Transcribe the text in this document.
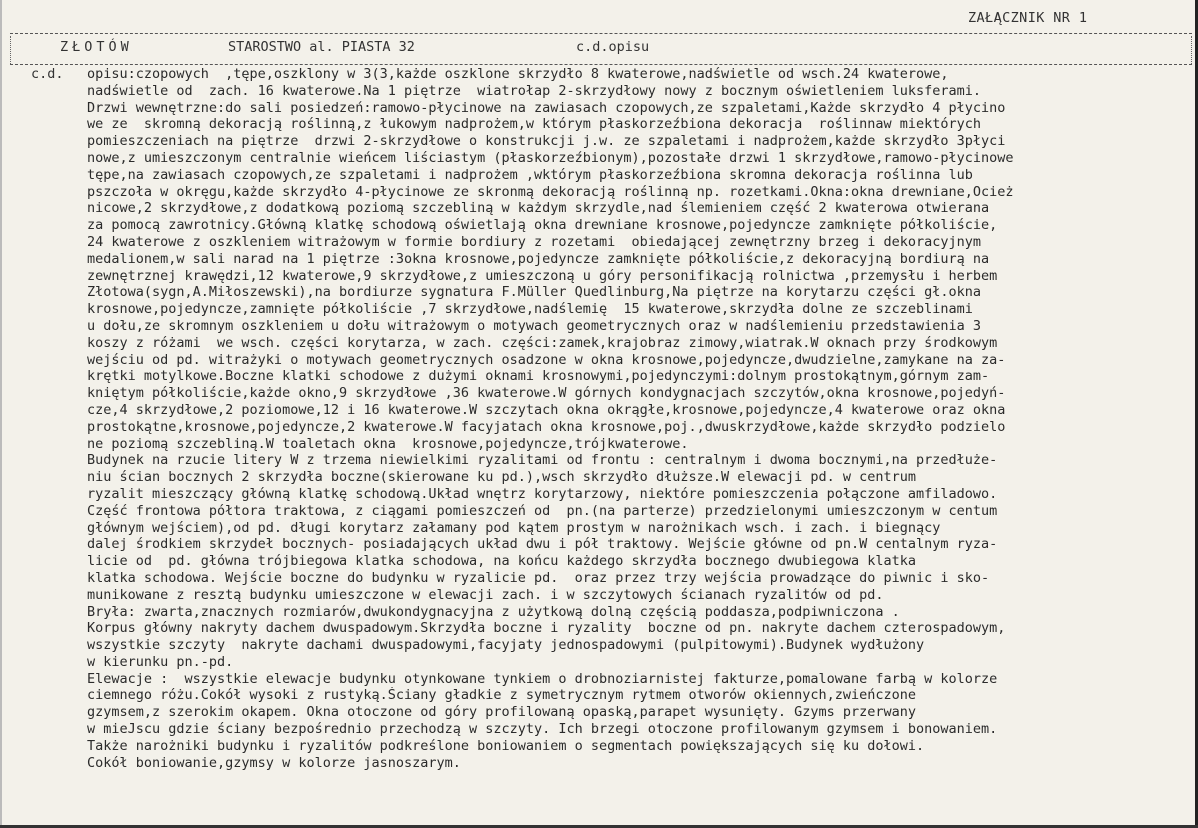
ZAŁĄCZNIK NR 1
ZŁOTÓW	STAROSTWO al. PIASTA 32	c.d.opisu
c.d. opisu:czopowych  ,tępe,oszklony w 3(3,każde oszklone skrzydło 8 kwaterowe,nadświetle od wsch.24 kwaterowe,
nadświetle od  zach. 16 kwaterowe.Na 1 piętrze  wiatrołap 2-skrzydłowy nowy z bocznym oświetleniem luksferami.
Drzwi wewnętrzne:do sali posiedzeń:ramowo-płycinowe na zawiasach czopowych,ze szpaletami,Każde skrzydło 4 płycino
we ze  skromną dekoracją roślinną,z łukowym nadprożem,w którym płaskorzeźbiona dekoracja  roślinnaw miektórych
pomieszczeniach na piętrze  drzwi 2-skrzydłowe o konstrukcji j.w. ze szpaletami i nadprożem,każde skrzydło 3płyci
nowe,z umieszczonym centralnie wieńcem liściastym (płaskorzeźbionym),pozostałe drzwi 1 skrzydłowe,ramowo-płycinowe
tępe,na zawiasach czopowych,ze szpaletami i nadprożem ,wktórym płaskorzeźbiona skromna dekoracja roślinna lub
pszczoła w okręgu,każde skrzydło 4-płycinowe ze skronmą dekoracją roślinną np. rozetkami.Okna:okna drewniane,Ocież
nicowe,2 skrzydłowe,z dodatkową poziomą szczebliną w każdym skrzydle,nad ślemieniem część 2 kwaterowa otwierana
za pomocą zawrotnicy.Główną klatkę schodową oświetlają okna drewniane krosnowe,pojedyncze zamknięte półkoliście,
24 kwaterowe z oszkleniem witrażowym w formie bordiury z rozetami  obiedającej zewnętrzny brzeg i dekoracyjnym
medalionem,w sali narad na 1 piętrze :3okna krosnowe,pojedyncze zamknięte półkoliście,z dekoracyjną bordiurą na
zewnętrznej krawędzi,12 kwaterowe,9 skrzydłowe,z umieszczoną u góry personifikacją rolnictwa ,przemysłu i herbem
Złotowa(sygn,A.Miłoszewski),na bordiurze sygnatura F.Müller Quedlinburg,Na piętrze na korytarzu części gł.okna
krosnowe,pojedyncze,zamnięte półkoliście ,7 skrzydłowe,nadślemię  15 kwaterowe,skrzydła dolne ze szczeblinami
u dołu,ze skromnym oszkleniem u dołu witrażowym o motywach geometrycznych oraz w nadślemieniu przedstawienia 3
koszy z różami  we wsch. części korytarza, w zach. części:zamek,krajobraz zimowy,wiatrak.W oknach przy środkowym
wejściu od pd. witrażyki o motywach geometrycznych osadzone w okna krosnowe,pojedyncze,dwudzielne,zamykane na za-
krętki motylkowe.Boczne klatki schodowe z dużymi oknami krosnowymi,pojedynczymi:dolnym prostokątnym,górnym zam-
kniętym półkoliście,każde okno,9 skrzydłowe ,36 kwaterowe.W górnych kondygnacjach szczytów,okna krosnowe,pojedyń-
cze,4 skrzydłowe,2 poziomowe,12 i 16 kwaterowe.W szczytach okna okrągłe,krosnowe,pojedyncze,4 kwaterowe oraz okna
prostokątne,krosnowe,pojedyncze,2 kwaterowe.W facyjatach okna krosnowe,poj.,dwuskrzydłowe,każde skrzydło podzielo
ne poziomą szczebliną.W toaletach okna  krosnowe,pojedyncze,trójkwaterowe.
Budynek na rzucie litery W z trzema niewielkimi ryzalitami od frontu : centralnym i dwoma bocznymi,na przedłuże-
niu ścian bocznych 2 skrzydła boczne(skierowane ku pd.),wsch skrzydło dłuższe.W elewacji pd. w centrum
ryzalit mieszczący główną klatkę schodową.Układ wnętrz korytarzowy, niektóre pomieszczenia połączone amfiladowo.
Część frontowa półtora traktowa, z ciągami pomieszczeń od  pn.(na parterze) przedzielonymi umieszczonym w centum
głównym wejściem),od pd. długi korytarz załamany pod kątem prostym w narożnikach wsch. i zach. i biegnący
dalej środkiem skrzydeł bocznych- posiadających układ dwu i pół traktowy. Wejście główne od pn.W centalnym ryza-
licie od  pd. główna trójbiegowa klatka schodowa, na końcu każdego skrzydła bocznego dwubiegowa klatka
klatka schodowa. Wejście boczne do budynku w ryzalicie pd.  oraz przez trzy wejścia prowadzące do piwnic i sko-
munikowane z resztą budynku umieszczone w elewacji zach. i w szczytowych ścianach ryzalitów od pd.
Bryła: zwarta,znacznych rozmiarów,dwukondygnacyjna z użytkową dolną częścią poddasza,podpiwniczona .
Korpus główny nakryty dachem dwuspadowym.Skrzydła boczne i ryzality  boczne od pn. nakryte dachem czterospadowym,
wszystkie szczyty  nakryte dachami dwuspadowymi,facyjaty jednospadowymi (pulpitowymi).Budynek wydłużony
w kierunku pn.-pd.
Elewacje :  wszystkie elewacje budynku otynkowane tynkiem o drobnoziarnistej fakturze,pomalowane farbą w kolorze
ciemnego różu.Cokół wysoki z rustyką.Ściany gładkie z symetrycznym rytmem otworów okiennych,zwieńczone
gzymsem,z szerokim okapem. Okna otoczone od góry profilowaną opaską,parapet wysunięty. Gzyms przerwany
w mieJscu gdzie ściany bezpośrednio przechodzą w szczyty. Ich brzegi otoczone profilowanym gzymsem i bonowaniem.
Także narożniki budynku i ryzalitów podkreślone boniowaniem o segmentach powiększających się ku dołowi.
Cokół boniowanie,gzymsy w kolorze jasnoszarym.
